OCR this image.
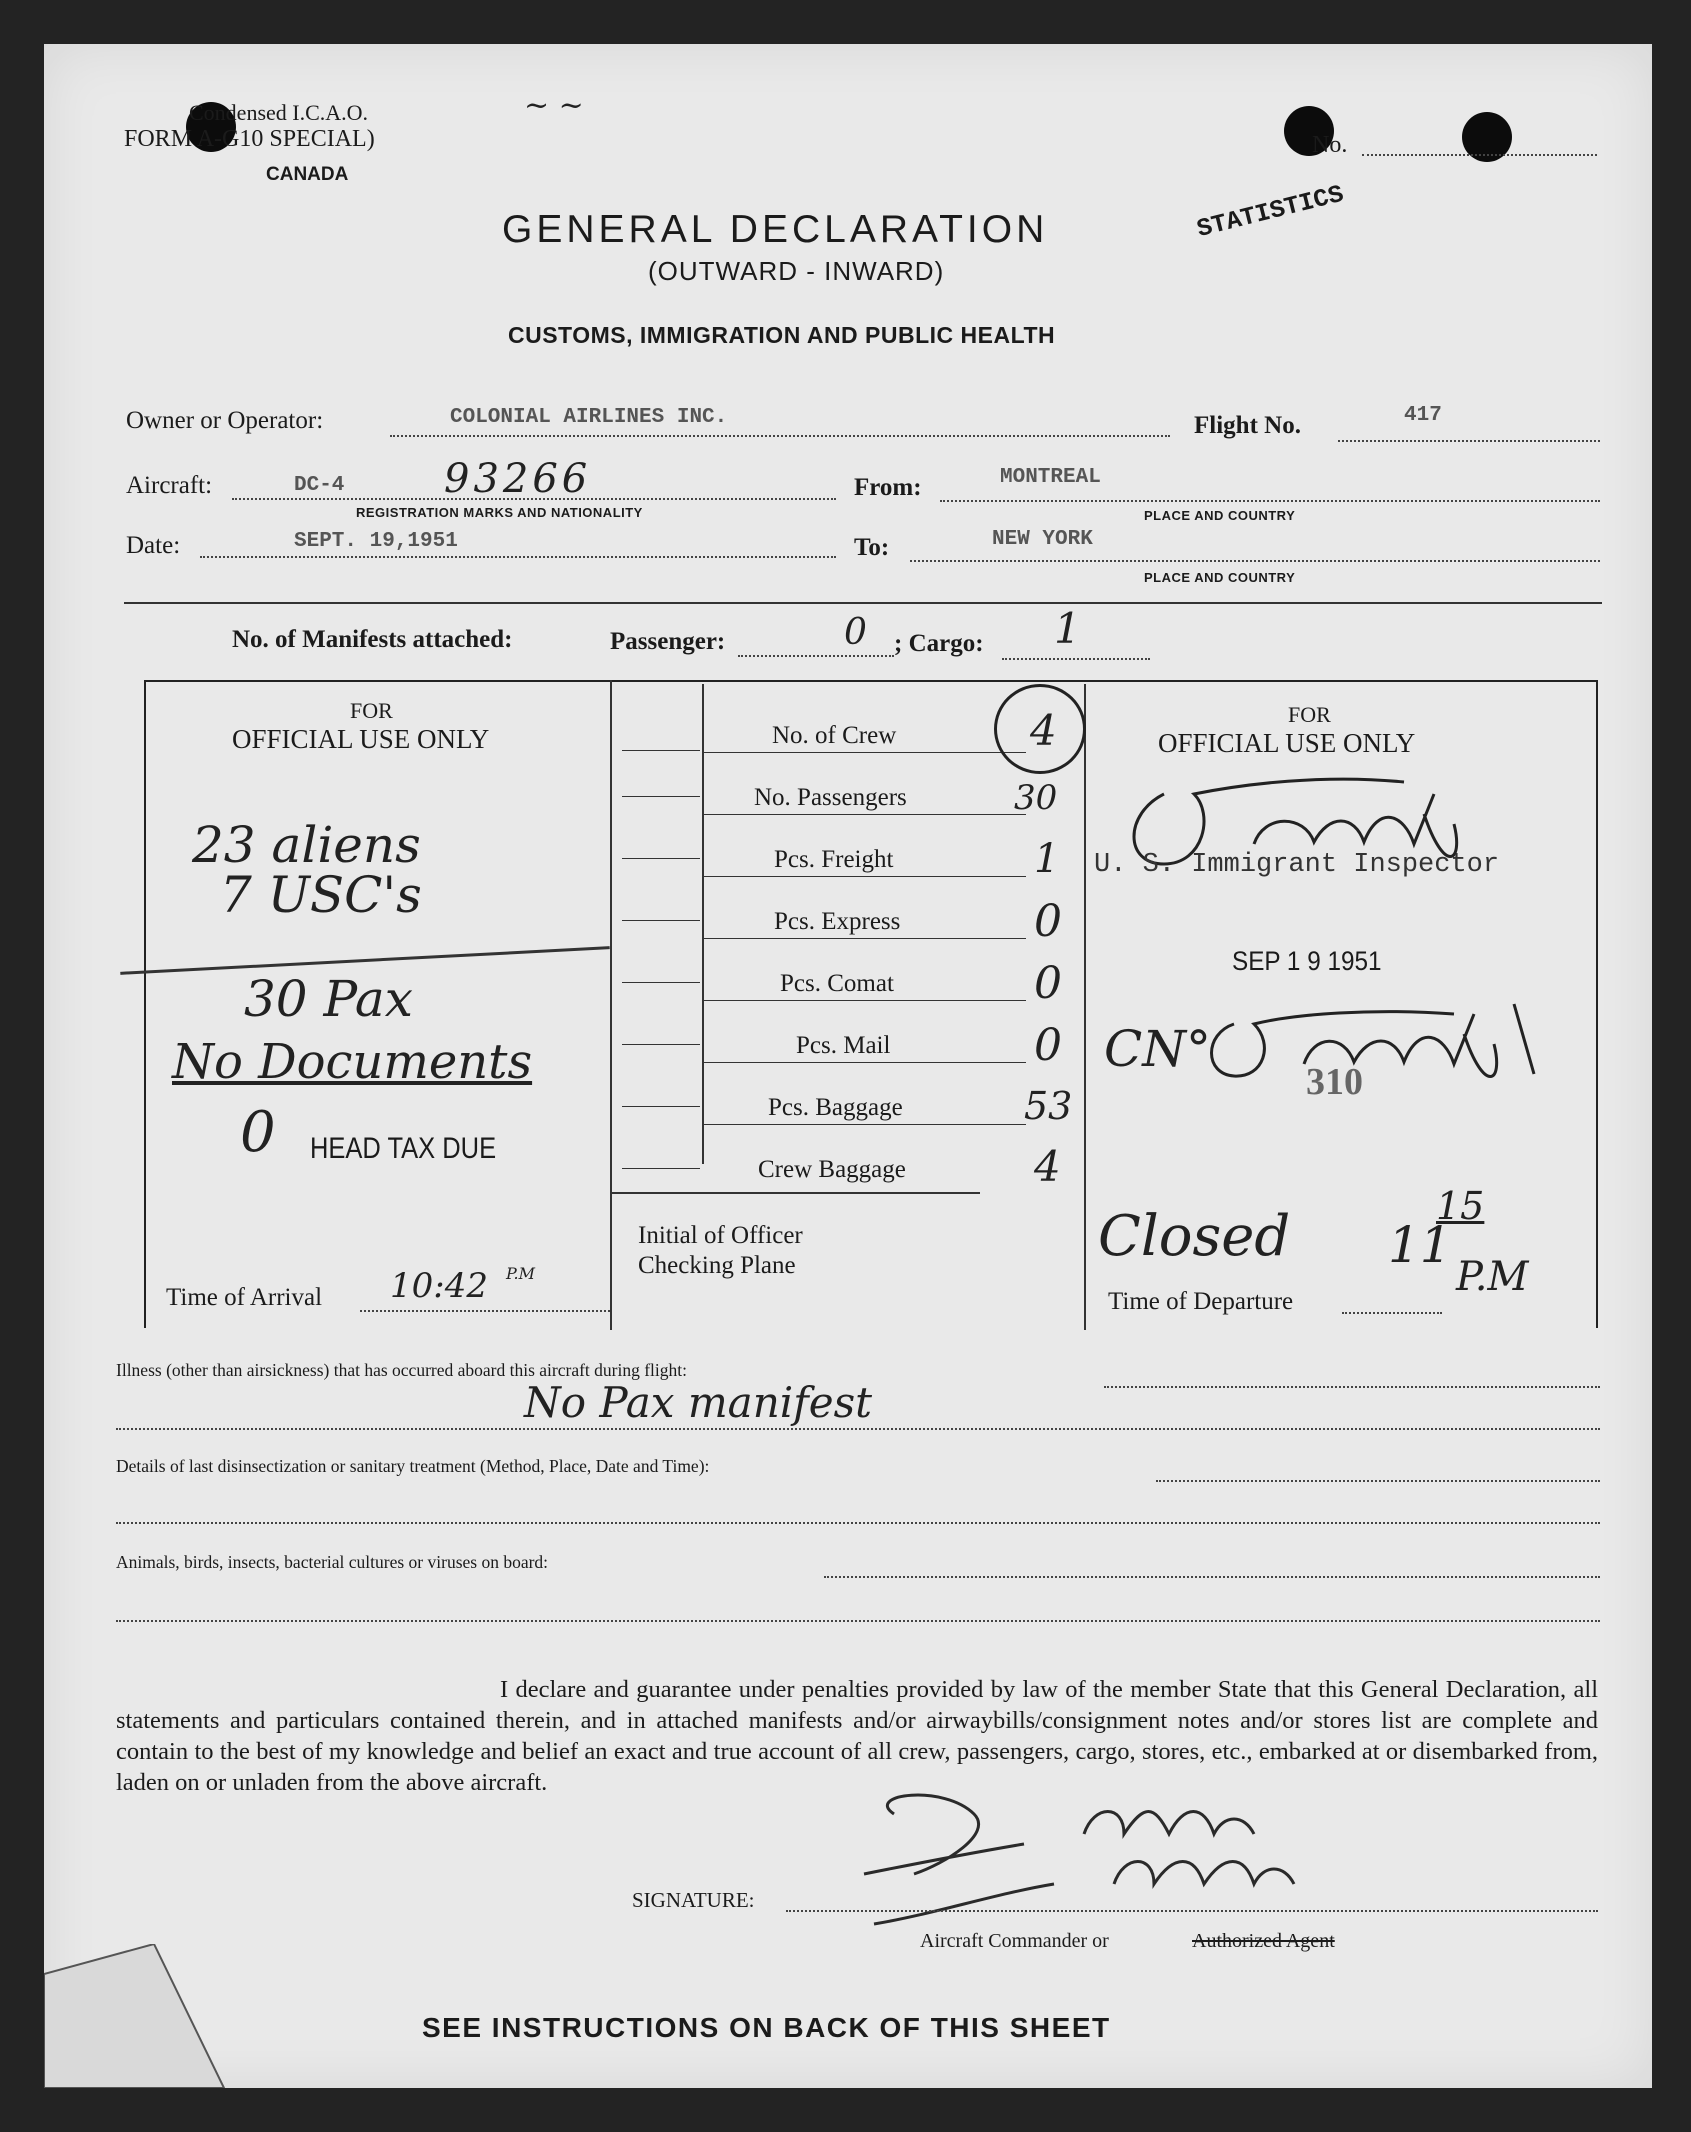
Condensed I.C.A.O.
FORM A-G10 SPECIAL)
CANADA
~ ~
No.
STATISTICS
GENERAL DECLARATION
(OUTWARD - INWARD)
CUSTOMS, IMMIGRATION AND PUBLIC HEALTH
Owner or Operator:	COLONIAL AIRLINES INC.	Flight No.	417
Aircraft:	DC-4 93266
REGISTRATION MARKS AND NATIONALITY
From:	MONTREAL
PLACE AND COUNTRY
Date:	SEPT. 19,1951	To:	NEW YORK
PLACE AND COUNTRY
No. of Manifests attached:	Passenger:	0 ; Cargo: 1
FOR
OFFICIAL USE ONLY
23 aliens
7 USC's
30 Pax
No Documents
0 HEAD TAX DUE
Time of Arrival 10:42 P.M
No. of Crew	4
No. Passengers	30
Pcs. Freight	1
Pcs. Express	0
Pcs. Comat	0
Pcs. Mail	0
Pcs. Baggage	53
Crew Baggage	4
Initial of Officer
Checking Plane
FOR
OFFICIAL USE ONLY
U. S. Immigrant Inspector
SEP 1 9 1951
CN°
310
Closed 11
15
P.M
Time of Departure
Illness (other than airsickness) that has occurred aboard this aircraft during flight:
No Pax manifest
Details of last disinsectization or sanitary treatment (Method, Place, Date and Time):
Animals, birds, insects, bacterial cultures or viruses on board:
I declare and guarantee under penalties provided by law of the member State that this General Declaration, all statements and particulars contained therein, and in attached manifests and/or airwaybills/consignment notes and/or stores list are complete and contain to the best of my knowledge and belief an exact and true account of all crew, passengers, cargo, stores, etc., embarked at or disembarked from, laden on or unladen from the above aircraft.
SIGNATURE:
Aircraft Commander or	Authorized Agent
SEE INSTRUCTIONS ON BACK OF THIS SHEET
